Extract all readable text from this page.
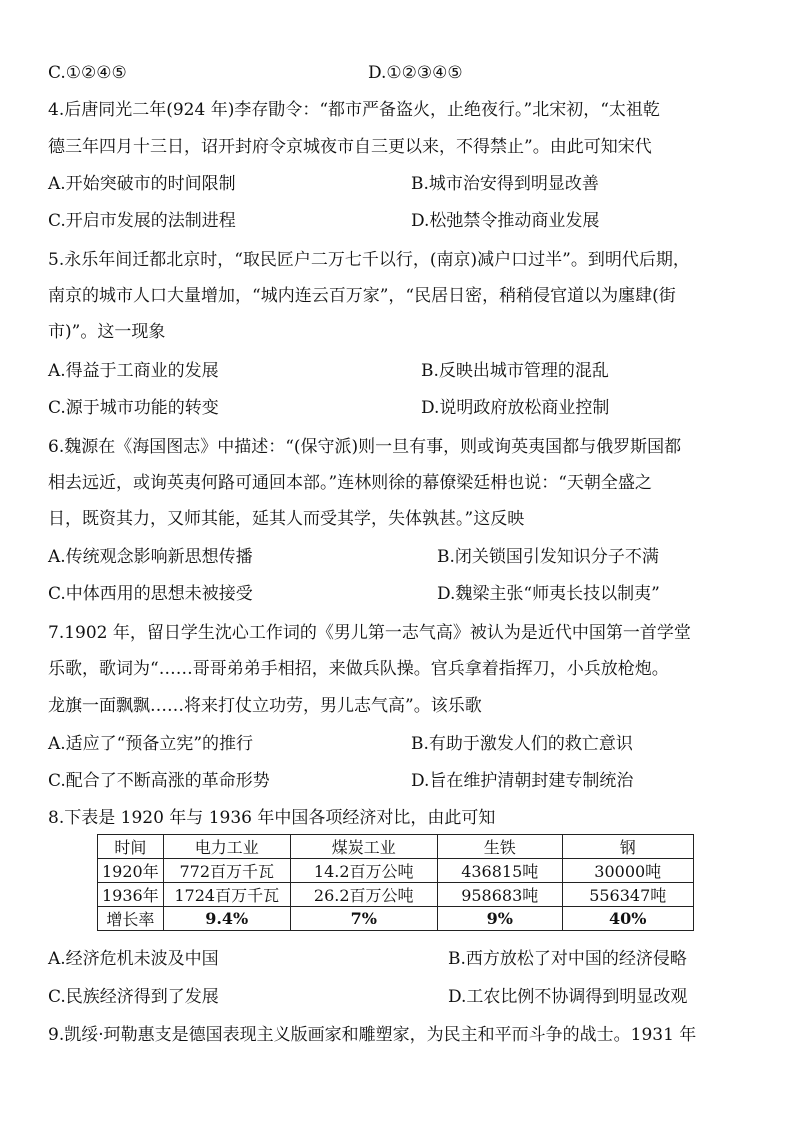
C.①②④⑤	D.①②③④⑤
4.后唐同光二年(924 年)李存勖令：“都市严备盗火，止绝夜行。”北宋初，“太祖乾
德三年四月十三日，诏开封府令京城夜市自三更以来，不得禁止”。由此可知宋代
A.开始突破市的时间限制	B.城市治安得到明显改善
C.开启市发展的法制进程	D.松弛禁令推动商业发展
5.永乐年间迁都北京时，“取民匠户二万七千以行，(南京)减户口过半”。到明代后期，
南京的城市人口大量增加，“城内连云百万家”，“民居日密，稍稍侵官道以为廛肆(街
市)”。这一现象
A.得益于工商业的发展	B.反映出城市管理的混乱
C.源于城市功能的转变	D.说明政府放松商业控制
6.魏源在《海国图志》中描述：“(保守派)则一旦有事，则或询英夷国都与俄罗斯国都
相去远近，或询英夷何路可通回本部。”连林则徐的幕僚梁廷枏也说：“天朝全盛之
日，既资其力，又师其能，延其人而受其学，失体孰甚。”这反映
A.传统观念影响新思想传播	B.闭关锁国引发知识分子不满
C.中体西用的思想未被接受	D.魏梁主张“师夷长技以制夷”
7.1902 年，留日学生沈心工作词的《男儿第一志气高》被认为是近代中国第一首学堂
乐歌，歌词为“……哥哥弟弟手相招，来做兵队操。官兵拿着指挥刀，小兵放枪炮。
龙旗一面飘飘……将来打仗立功劳，男儿志气高”。该乐歌
A.适应了“预备立宪”的推行	B.有助于激发人们的救亡意识
C.配合了不断高涨的革命形势	D.旨在维护清朝封建专制统治
8.下表是 1920 年与 1936 年中国各项经济对比，由此可知
时间	电力工业	煤炭工业	生铁	钢
1920年	772百万千瓦	14.2百万公吨	436815吨	30000吨
1936年	1724百万千瓦	26.2百万公吨	958683吨	556347吨
增长率	9.4%	7%	9%	40%
A.经济危机未波及中国	B.西方放松了对中国的经济侵略
C.民族经济得到了发展	D.工农比例不协调得到明显改观
9.凯绥·珂勒惠支是德国表现主义版画家和雕塑家，为民主和平而斗争的战士。1931 年
